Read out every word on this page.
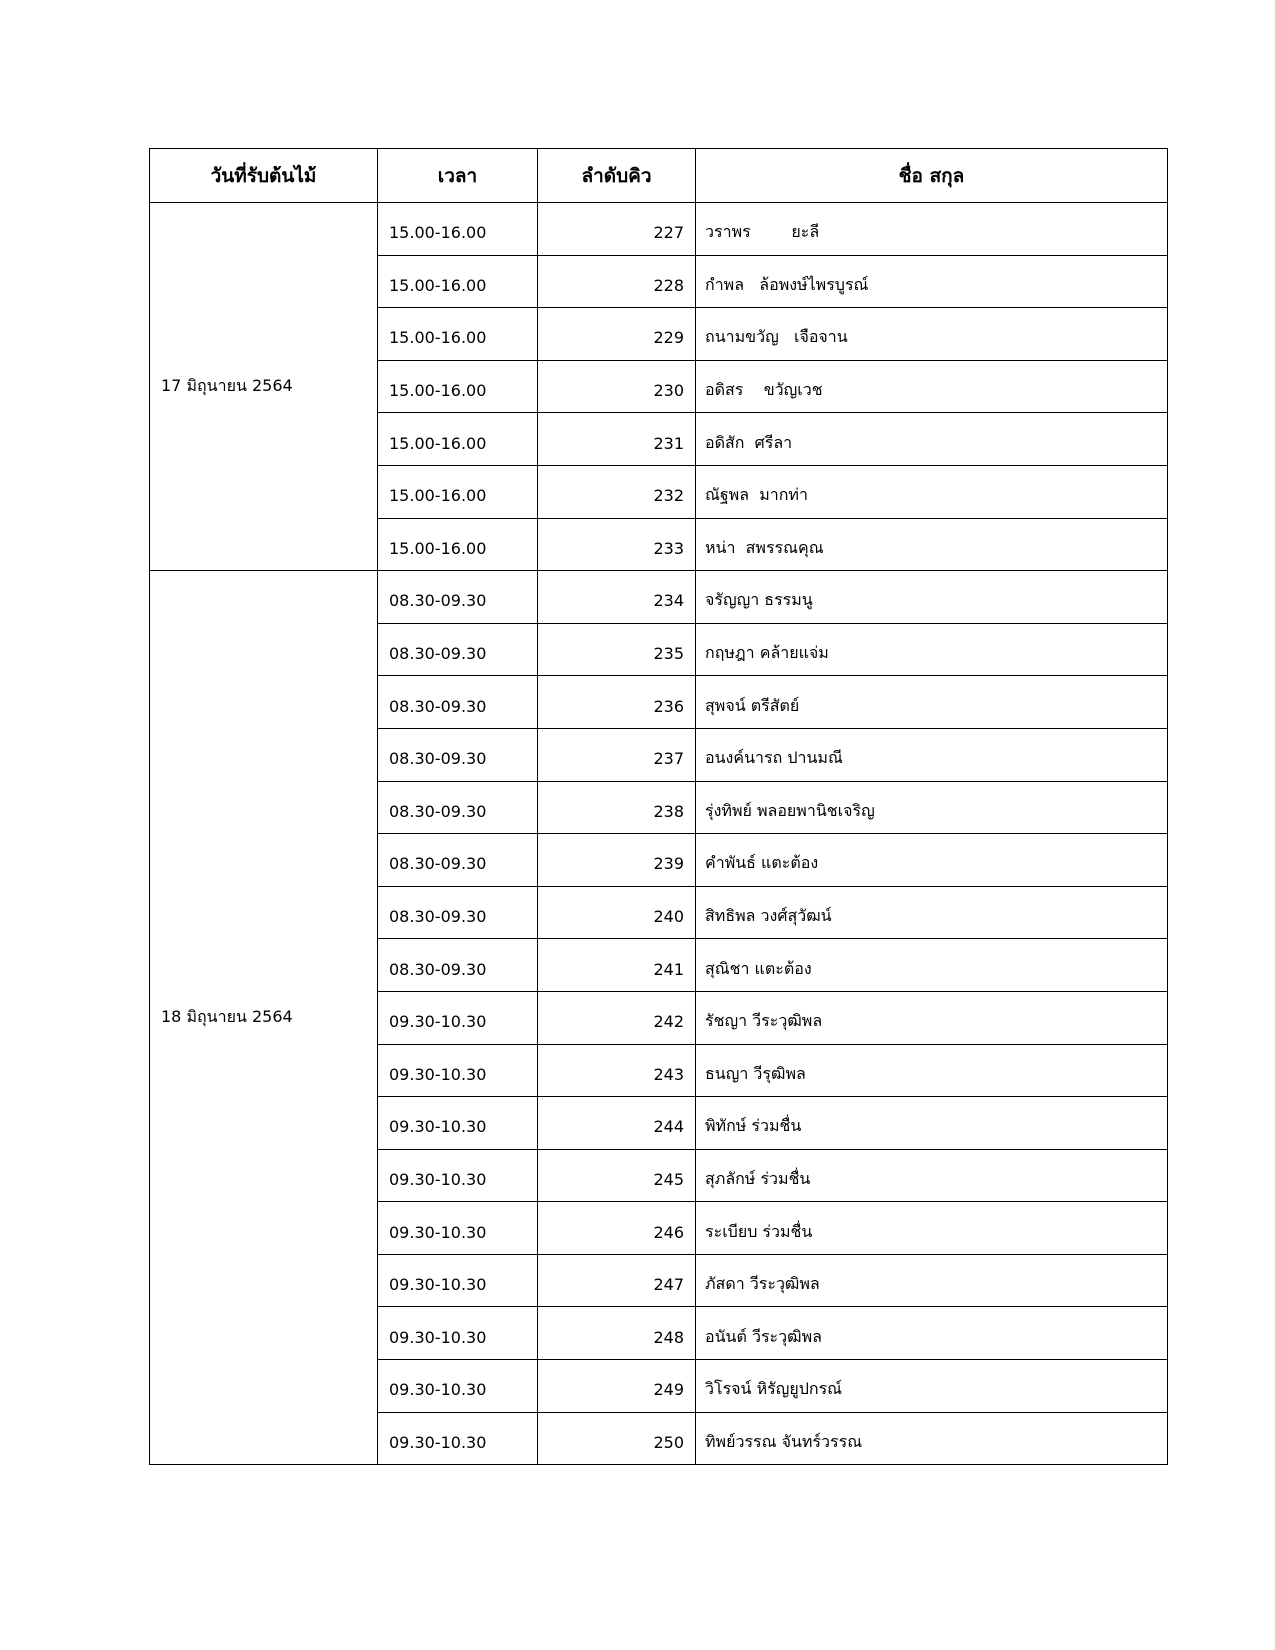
วันที่รับต้นไม้	เวลา	ลำดับคิว	ชื่อ สกุล
17 มิถุนายน 2564	15.00-16.00	227	วราพร        ยะลี
	15.00-16.00	228	กำพล   ล้อพงษ์ไพรบูรณ์
	15.00-16.00	229	ถนามขวัญ   เจือจาน
	15.00-16.00	230	อดิสร    ขวัญเวช
	15.00-16.00	231	อดิสัก  ศรีลา
	15.00-16.00	232	ณัฐพล  มากท่า
	15.00-16.00	233	หน่า  สพรรณคุณ
18 มิถุนายน 2564	08.30-09.30	234	จรัญญา ธรรมนู
	08.30-09.30	235	กฤษฎา คล้ายแจ่ม
	08.30-09.30	236	สุพจน์ ตรีสัตย์
	08.30-09.30	237	อนงค์นารถ ปานมณี
	08.30-09.30	238	รุ่งทิพย์ พลอยพานิชเจริญ
	08.30-09.30	239	คำพันธ์ แตะต้อง
	08.30-09.30	240	สิทธิพล วงศ์สุวัฒน์
	08.30-09.30	241	สุณิชา แตะต้อง
	09.30-10.30	242	รัชญา วีระวุฒิพล
	09.30-10.30	243	ธนญา วีรุฒิพล
	09.30-10.30	244	พิทักษ์ ร่วมชื่น
	09.30-10.30	245	สุภลักษ์ ร่วมชื่น
	09.30-10.30	246	ระเบียบ ร่วมชื่น
	09.30-10.30	247	ภัสดา วีระวุฒิพล
	09.30-10.30	248	อนันต์ วีระวุฒิพล
	09.30-10.30	249	วิโรจน์ หิรัญยูปกรณ์
	09.30-10.30	250	ทิพย์วรรณ จันทร์วรรณ
